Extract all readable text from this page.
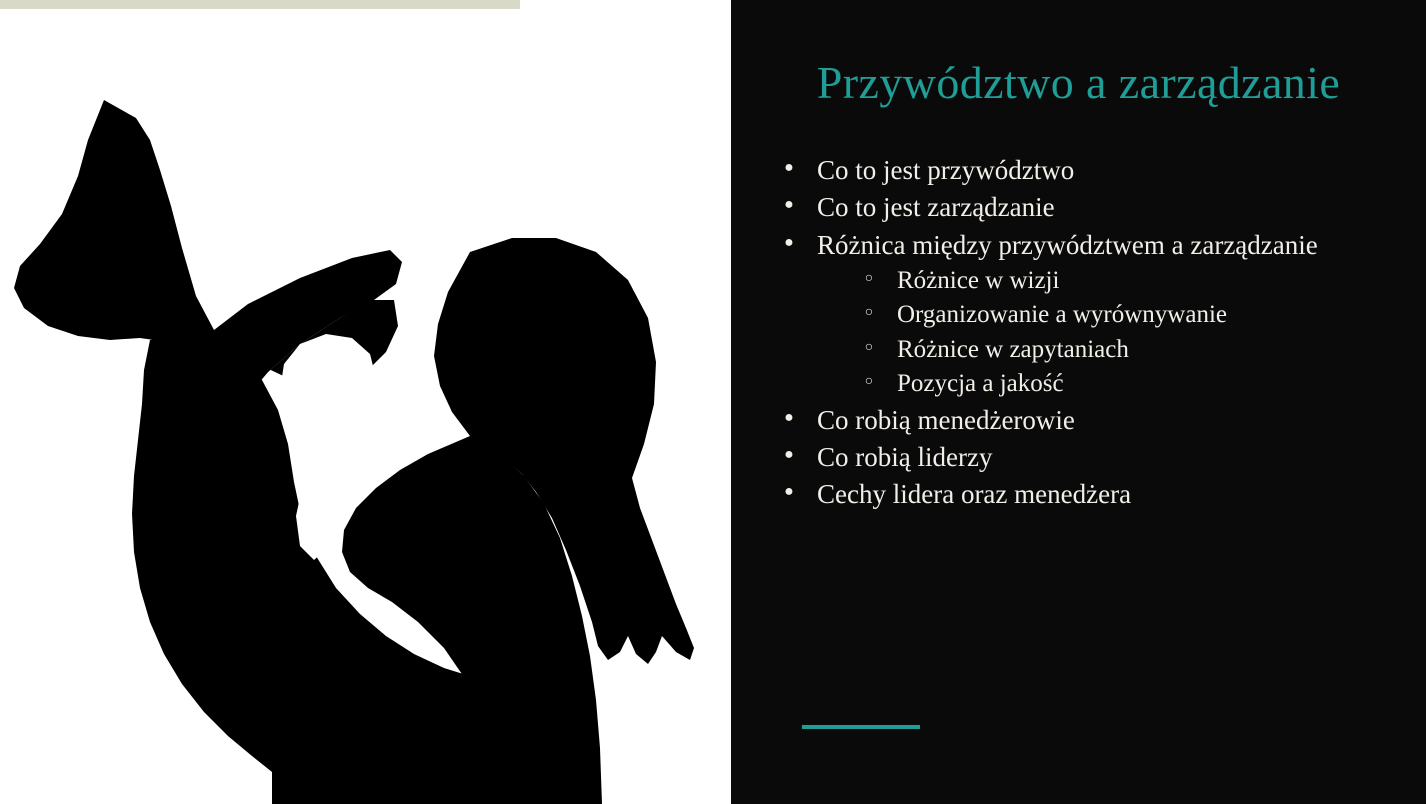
Przywództwo a zarządzanie
● Co to jest przywództwo
● Co to jest zarządzanie
● Różnica między przywództwem a zarządzanie
○ Różnice w wizji
○ Organizowanie a wyrównywanie
○ Różnice w zapytaniach
○ Pozycja a jakość
● Co robią menedżerowie
● Co robią liderzy
● Cechy lidera oraz menedżera
